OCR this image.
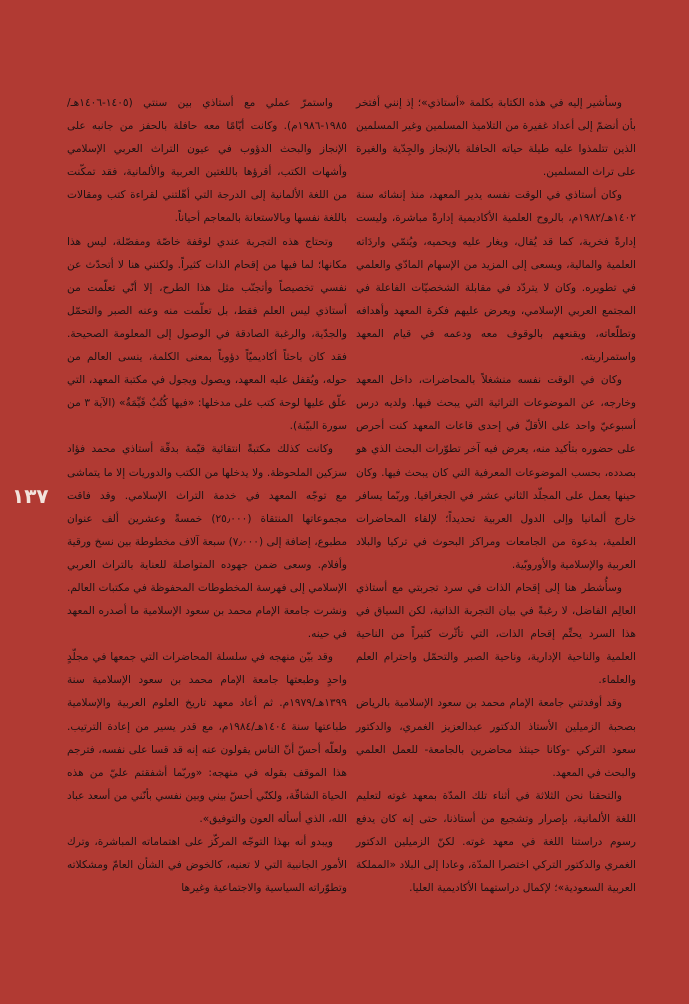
وسأشير إليه في هذه الكتابة بكلمة «أستاذي»؛ إذ إنني أفتخر بأن أنضمّ إلى أعداد غفيرة من التلاميذ المسلمين وغير المسلمين الذين تتلمذوا عليه طيلة حياته الحافلة بالإنجاز والجِدّية والغيرة على تراث المسلمين.

وكان أستاذي في الوقت نفسه يدير المعهد، منذ إنشائه سنة ١٤٠٢هـ/١٩٨٢م، بالروح العلمية الأكاديمية إدارةً مباشرة، وليست إدارةً فخرية، كما قد يُقال، ويغار عليه ويحميه، ويُنمّي واردَاته العلمية والمالية، ويسعى إلى المزيد من الإسهام المادّي والعلمي في تطويره. وكان لا يتردّد في مقابلة الشخصيّات الفاعلة في المجتمع العربي الإسلامي، ويعرض عليهم فكرة المعهد وأهدافه وتطلّعاته، ويقنعهم بالوقوف معه ودعمه في قيام المعهد واستمراريته.

وكان في الوقت نفسه منشغلاً بالمحاضرات، داخل المعهد وخارجه، عن الموضوعات التراثية التي يبحث فيها. ولديه درس أسبوعيّ واحد على الأقلّ في إحدى قاعات المعهد كنت أحرص على حضوره بتأكيد منه، يعرض فيه آخر تطوّرات البحث الذي هو بصدده، بحسب الموضوعات المعرفية التي كان يبحث فيها. وكان حينها يعمل على المجلّد الثاني عشر في الجغرافيا. وربّما يسافر خارج ألمانيا وإلى الدول العربية تحديداً؛ لإلقاء المحاضرات العلمية، بدعوة من الجامعات ومراكز البحوث في تركيا والبلاد العربية والإسلامية والأوروبّية.

وسأُشطر هنا إلى إقحام الذات في سرد تجربتي مع أستاذي العالِم الفاضل، لا رغبةً في بيان التجربة الذاتية، لكن السياق في هذا السرد يحتِّم إقحام الذات، التي تأثّرت كثيراً من الناحية العلمية والناحية الإدارية، وناحية الصبر والتحمّل واحترام العلم والعلماء.

وقد أوفدتني جامعة الإمام محمد بن سعود الإسلامية بالرياض بصحبة الزميلين الأستاذ الدكتور عبدالعزيز الغمري، والدكتور سعود التركي -وكانا حينئذ محاضرين بالجامعة- للعمل العلمي والبحث في المعهد.

والتحقنا نحن الثلاثة في أثناء تلك المدّة بمعهد غوته لتعليم اللغة الألمانية، بإصرار وتشجيع من أستاذنا، حتى إنه كان يدفع رسوم دراستنا اللغة في معهد غوته. لكنّ الزميلين الدكتور الغمري والدكتور التركي اختصرا المدّة، وعادا إلى البلاد «المملكة العربية السعودية»؛ لإكمال دراستهما الأكاديمية العليا.

واستمرّ عملي مع أستاذي بين سنتي (١٤٠٥-١٤٠٦هـ/ ١٩٨٥-١٩٨٦م). وكانت أيّامًا معه حافلة بالحفز من جانبه على الإنجاز والبحث الدؤوب في عيون التراث العربي الإسلامي وأشهات الكتب، أقرؤها باللغتين العربية والألمانية، فقد تمكّنت من اللغة الألمانية إلى الدرجة التي أهّلتني لقراءة كتب ومقالات باللغة نفسها وبالاستعانة بالمعاجم أحياناً.

وتحتاج هذه التجربة عندي لوقفة خاصّة ومفصّلة، ليس هذا مكانها؛ لما فيها من إقحام الذات كثيراً. ولكنني هنا لا أتحدّث عن نفسي تخصيصاً وأتجنّب مثل هذا الطرح، إلا أنّي تعلّمت من أستاذي ليس العلم فقط، بل تعلّمت منه وعنه الصبر والتحمّل والجدّية، والرغبة الصادقة في الوصول إلى المعلومة الصحيحة. فقد كان باحثاً أكاديميّاً دؤوباً بمعنى الكلمة، ينسى العالم من حوله، ويُقفل عليه المعهد، ويصول ويجول في مكتبة المعهد، التي علّق عليها لوحة كتب على مدخلها: «فيها كُتُبٌ قَيِّمَةٌ» (الآية ٣ من سورة البيّنة).

وكانت كذلك مكتبةً انتقائية قيّمة بدقّة أستاذي محمد فؤاد سزكين الملحوظة. ولا يدخلها من الكتب والدوريات إلا ما يتماشى مع توجّه المعهد في خدمة التراث الإسلامي. وقد فاقت مجموعاتها المنتقاة (٢٥٫٠٠٠) خمسةً وعشرين ألف عنوان مطبوع، إضافة إلى (٧٫٠٠٠) سبعة آلاف مخطوطة بين نسخ ورقية وأفلام. وسعى ضمن جهوده المتواصلة للعناية بالتراث العربي الإسلامي إلى فهرسة المخطوطات المحفوظة في مكتبات العالم. ونشرت جامعة الإمام محمد بن سعود الإسلامية ما أصدره المعهد في حينه.

وقد بيّن منهجه في سلسلة المحاضرات التي جمعها في مجلّدٍ واحدٍ وطبعتها جامعة الإمام محمد بن سعود الإسلامية سنة ١٣٩٩هـ/١٩٧٩م. ثم أعاد معهد تاريخ العلوم العربية والإسلامية طباعتها سنة ١٤٠٤هـ/١٩٨٤م، مع قدر يسير من إعادة الترتيب. ولعلّه أحسّ أنّ الناس يقولون عنه إنه قد قسا على نفسه، فترجم هذا الموقف بقوله في منهجه: «وربّما أشفقتم عليّ من هذه الحياة الشاقّة، ولكنّي أحسّ بيني وبين نفسي بأنّني من أسعد عباد الله، الذي أسأله العون والتوفيق».

ويبدو أنه بهذا التوجّه المركّز على اهتماماته المباشرة، وترك الأمور الجانبية التي لا تعنيه، كالخوض في الشأن العامّ ومشكلاته وتطوّراته السياسية والاجتماعية وغيرها

١٣٧
